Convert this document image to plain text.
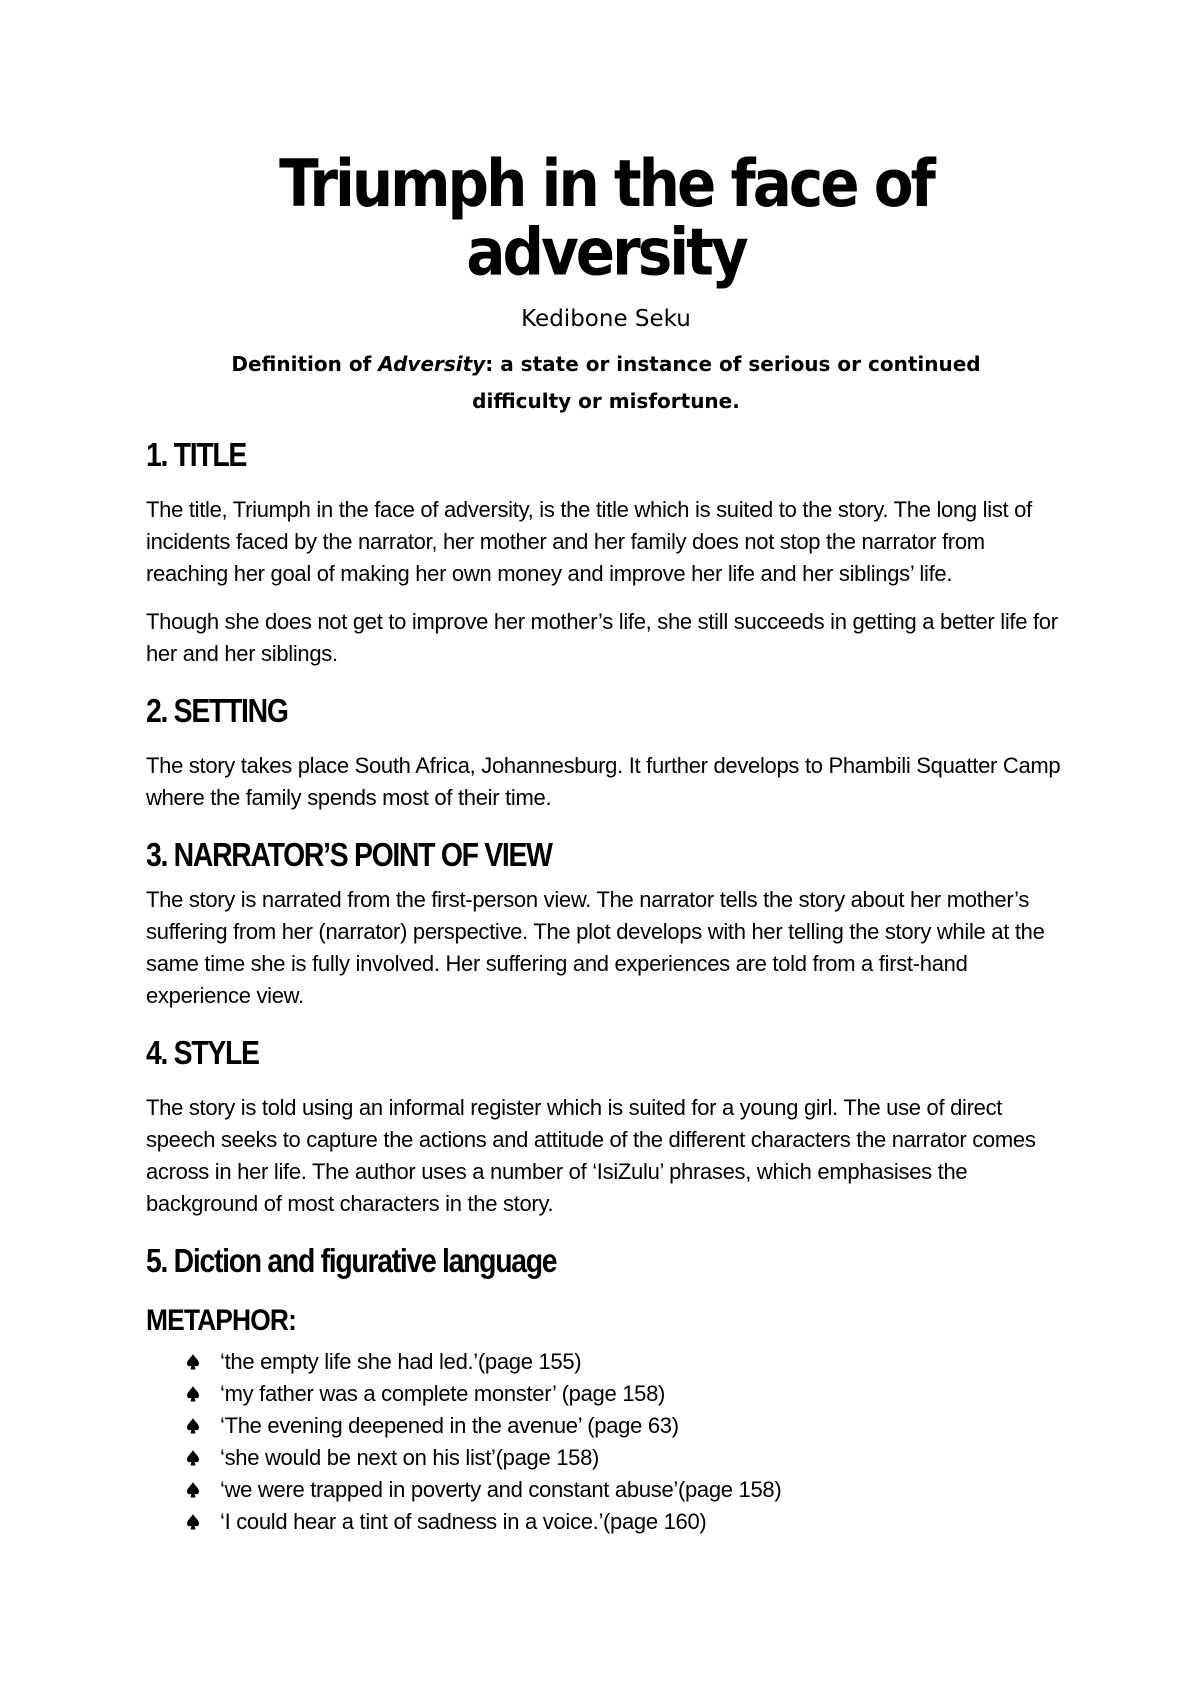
Triumph in the face of adversity
Kedibone Seku

Definition of Adversity: a state or instance of serious or continued
difficulty or misfortune.

1. TITLE

The title, Triumph in the face of adversity, is the title which is suited to the story. The long list of incidents faced by the narrator, her mother and her family does not stop the narrator from reaching her goal of making her own money and improve her life and her siblings’ life.

Though she does not get to improve her mother’s life, she still succeeds in getting a better life for her and her siblings.

2. SETTING

The story takes place South Africa, Johannesburg. It further develops to Phambili Squatter Camp where the family spends most of their time.

3. NARRATOR’S POINT OF VIEW

The story is narrated from the first-person view. The narrator tells the story about her mother’s suffering from her (narrator) perspective. The plot develops with her telling the story while at the same time she is fully involved. Her suffering and experiences are told from a first-hand experience view.

4. STYLE

The story is told using an informal register which is suited for a young girl. The use of direct speech seeks to capture the actions and attitude of the different characters the narrator comes across in her life. The author uses a number of ‘IsiZulu’ phrases, which emphasises the background of most characters in the story.

5. Diction and figurative language
METAPHOR:
‘the empty life she had led.’(page 155)
‘my father was a complete monster’ (page 158)
‘The evening deepened in the avenue’ (page 63)
‘she would be next on his list’(page 158)
‘we were trapped in poverty and constant abuse’(page 158)
‘I could hear a tint of sadness in a voice.’(page 160)
